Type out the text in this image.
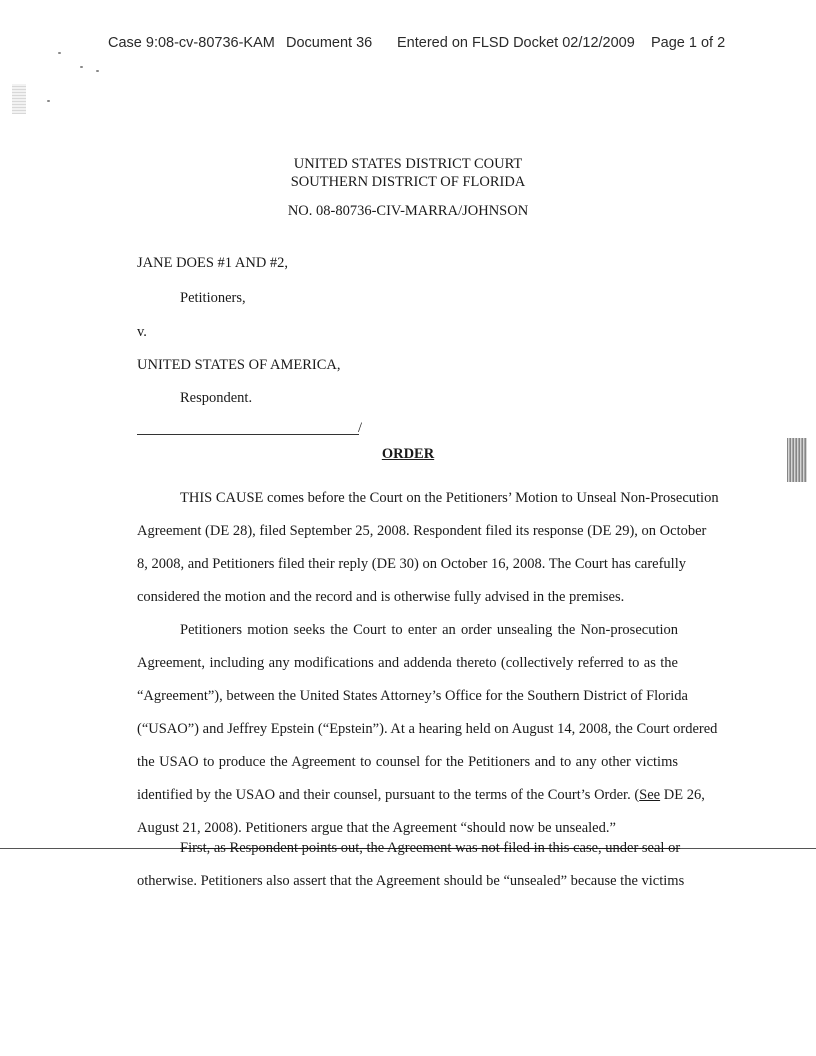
Case 9:08-cv-80736-KAM Document 36 Entered on FLSD Docket 02/12/2009 Page 1 of 2
UNITED STATES DISTRICT COURT
SOUTHERN DISTRICT OF FLORIDA
NO. 08-80736-CIV-MARRA/JOHNSON
JANE DOES #1 AND #2,
Petitioners,
v.
UNITED STATES OF AMERICA,
Respondent.
/
ORDER
THIS CAUSE comes before the Court on the Petitioners’ Motion to Unseal Non-Prosecution
Agreement (DE 28), filed September 25, 2008. Respondent filed its response (DE 29), on October
8, 2008, and Petitioners filed their reply (DE 30) on October 16, 2008. The Court has carefully
considered the motion and the record and is otherwise fully advised in the premises.
Petitioners motion seeks the Court to enter an order unsealing the Non-prosecution
Agreement, including any modifications and addenda thereto (collectively referred to as the
“Agreement”), between the United States Attorney’s Office for the Southern District of Florida
(“USAO”) and Jeffrey Epstein (“Epstein”). At a hearing held on August 14, 2008, the Court ordered
the USAO to produce the Agreement to counsel for the Petitioners and to any other victims
identified by the USAO and their counsel, pursuant to the terms of the Court’s Order. (See DE 26,
August 21, 2008). Petitioners argue that the Agreement “should now be unsealed.”
First, as Respondent points out, the Agreement was not filed in this case, under seal or
otherwise. Petitioners also assert that the Agreement should be “unsealed” because the victims
